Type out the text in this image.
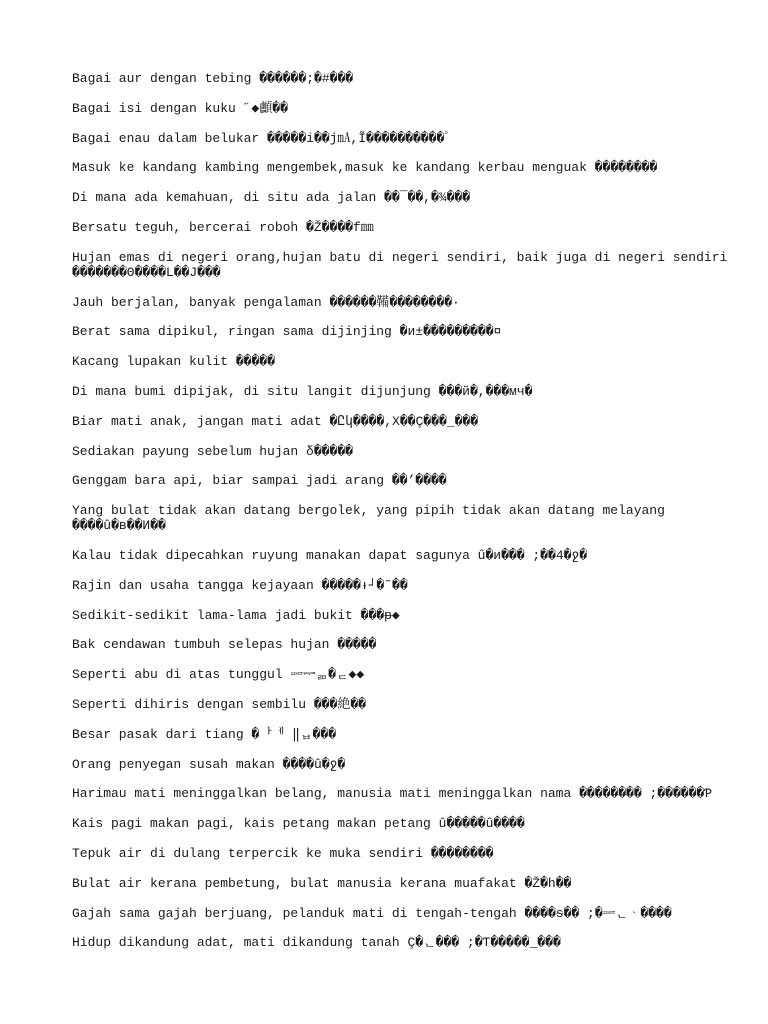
Bagai aur dengan tebing ������;�#���
Bagai isi dengan kuku ˝◆顱��
Bagai enau dalam belukar �����i��j㎃,Ĩ����������ﾟ
Masuk ke kandang kambing mengembek,masuk ke kandang kerbau menguak ��������
Di mana ada kemahuan, di situ ada jalan ��¯��,�¾���
Bersatu teguh, bercerai roboh �Ž����f㎜
Hujan emas di negeri orang,hujan batu di negeri sendiri, baik juga di negeri sendiri �������Θ����L��J���
Jauh berjalan, banyak pengalaman ������鞴��������·
Berat sama dipikul, ringan sama dijinjing �и±���������¤
Kacang lupakan kulit �����
Di mana bumi dipijak, di situ langit dijunjung ���й�,���мч�
Biar mati anak, jangan mati adat �Ըկ����,Χ��Ç���_���
Sediakan payung sebelum hujan δ�����
Genggam bara api, biar sampai jadi arang ��’����
Yang bulat tidak akan datang bergolek, yang pipih tidak akan datang melayang ����û�в��И��
Kalau tidak dipecahkan ruyung manakan dapat sagunya û�и��� ;��4�ջ�
Rajin dan usaha tangga kejayaan �����ᵼ┘�˜��
Sedikit-sedikit lama-lama jadi bukit ���ᵽ◆
Bak cendawan tumbuh selepas hujan �����
Seperti abu di atas tunggul ᅲᅩᆕᆱ�ᆮ◆◆
Seperti dihiris dengan sembilu ���絶��
Besar pasak dari tiang �ᅡᅦ ‖ᆸ���
Orang penyegan susah makan ����û�ջ�
Harimau mati meninggalkan belang, manusia mati meninggalkan nama �������� ;������Ƥ
Kais pagi makan pagi, kais petang makan petang û�����û����
Tepuk air di dulang terpercik ke muka sendiri ��������
Bulat air kerana pembetung, bulat manusia kerana muafakat �Ž�h��
Gajah sama gajah berjuang, pelanduk mati di tengah-tengah ����ᵴ�� ;�ᅲᅩᆫᆞ����
Hidup dikandung adat, mati dikandung tanah Ç�ᆫ��� ;�Ƭ�����_���
